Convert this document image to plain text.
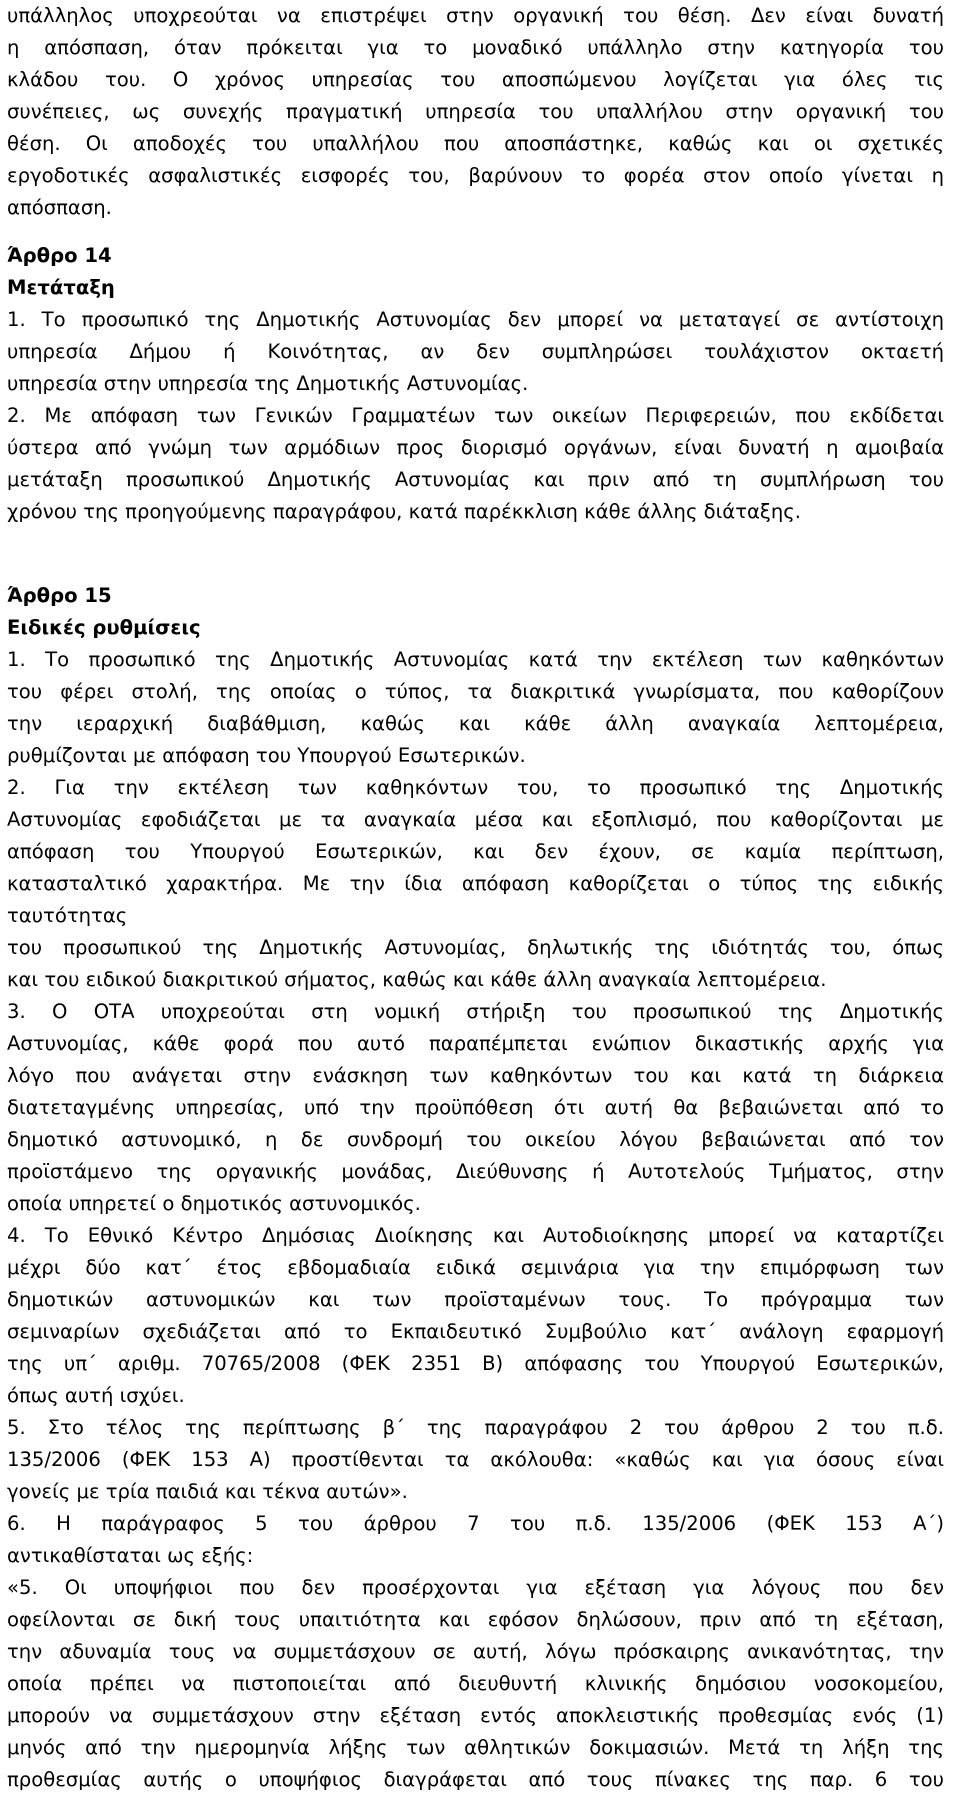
υπάλληλος υποχρεούται να επιστρέψει στην οργανική του θέση. Δεν είναι δυνατή
η απόσπαση, όταν πρόκειται για το μοναδικό υπάλληλο στην κατηγορία του
κλάδου του. Ο χρόνος υπηρεσίας του αποσπώμενου λογίζεται για όλες τις
συνέπειες, ως συνεχής πραγματική υπηρεσία του υπαλλήλου στην οργανική του
θέση. Οι αποδοχές του υπαλλήλου που αποσπάστηκε, καθώς και οι σχετικές
εργοδοτικές ασφαλιστικές εισφορές του, βαρύνουν το φορέα στον οποίο γίνεται η
απόσπαση.
Άρθρο 14
Μετάταξη
1. Το προσωπικό της Δημοτικής Αστυνομίας δεν μπορεί να μεταταγεί σε αντίστοιχη
υπηρεσία Δήμου ή Κοινότητας, αν δεν συμπληρώσει τουλάχιστον οκταετή
υπηρεσία στην υπηρεσία της Δημοτικής Αστυνομίας.
2. Με απόφαση των Γενικών Γραμματέων των οικείων Περιφερειών, που εκδίδεται
ύστερα από γνώμη των αρμόδιων προς διορισμό οργάνων, είναι δυνατή η αμοιβαία
μετάταξη προσωπικού Δημοτικής Αστυνομίας και πριν από τη συμπλήρωση του
χρόνου της προηγούμενης παραγράφου, κατά παρέκκλιση κάθε άλλης διάταξης.
Άρθρο 15
Ειδικές ρυθμίσεις
1. Το προσωπικό της Δημοτικής Αστυνομίας κατά την εκτέλεση των καθηκόντων
του φέρει στολή, της οποίας ο τύπος, τα διακριτικά γνωρίσματα, που καθορίζουν
την ιεραρχική διαβάθμιση, καθώς και κάθε άλλη αναγκαία λεπτομέρεια,
ρυθμίζονται με απόφαση του Υπουργού Εσωτερικών.
2. Για την εκτέλεση των καθηκόντων του, το προσωπικό της Δημοτικής
Αστυνομίας εφοδιάζεται με τα αναγκαία μέσα και εξοπλισμό, που καθορίζονται με
απόφαση του Υπουργού Εσωτερικών, και δεν έχουν, σε καμία περίπτωση,
κατασταλτικό χαρακτήρα. Με την ίδια απόφαση καθορίζεται ο τύπος της ειδικής
ταυτότητας
του προσωπικού της Δημοτικής Αστυνομίας, δηλωτικής της ιδιότητάς του, όπως
και του ειδικού διακριτικού σήματος, καθώς και κάθε άλλη αναγκαία λεπτομέρεια.
3. Ο ΟΤΑ υποχρεούται στη νομική στήριξη του προσωπικού της Δημοτικής
Αστυνομίας, κάθε φορά που αυτό παραπέμπεται ενώπιον δικαστικής αρχής για
λόγο που ανάγεται στην ενάσκηση των καθηκόντων του και κατά τη διάρκεια
διατεταγμένης υπηρεσίας, υπό την προϋπόθεση ότι αυτή θα βεβαιώνεται από το
δημοτικό αστυνομικό, η δε συνδρομή του οικείου λόγου βεβαιώνεται από τον
προϊστάμενο της οργανικής μονάδας, Διεύθυνσης ή Αυτοτελούς Τμήματος, στην
οποία υπηρετεί ο δημοτικός αστυνομικός.
4. Το Εθνικό Κέντρο Δημόσιας Διοίκησης και Αυτοδιοίκησης μπορεί να καταρτίζει
μέχρι δύο κατ΄ έτος εβδομαδιαία ειδικά σεμινάρια για την επιμόρφωση των
δημοτικών αστυνομικών και των προϊσταμένων τους. Το πρόγραμμα των
σεμιναρίων σχεδιάζεται από το Εκπαιδευτικό Συμβούλιο κατ΄ ανάλογη εφαρμογή
της υπ΄ αριθμ. 70765/2008 (ΦΕΚ 2351 Β) απόφασης του Υπουργού Εσωτερικών,
όπως αυτή ισχύει.
5. Στο τέλος της περίπτωσης β΄ της παραγράφου 2 του άρθρου 2 του π.δ.
135/2006 (ΦΕΚ 153 Α) προστίθενται τα ακόλουθα: «καθώς και για όσους είναι
γονείς με τρία παιδιά και τέκνα αυτών».
6. Η παράγραφος 5 του άρθρου 7 του π.δ. 135/2006 (ΦΕΚ 153 Α΄)
αντικαθίσταται ως εξής:
«5. Οι υποψήφιοι που δεν προσέρχονται για εξέταση για λόγους που δεν
οφείλονται σε δική τους υπαιτιότητα και εφόσον δηλώσουν, πριν από τη εξέταση,
την αδυναμία τους να συμμετάσχουν σε αυτή, λόγω πρόσκαιρης ανικανότητας, την
οποία πρέπει να πιστοποιείται από διευθυντή κλινικής δημόσιου νοσοκομείου,
μπορούν να συμμετάσχουν στην εξέταση εντός αποκλειστικής προθεσμίας ενός (1)
μηνός από την ημερομηνία λήξης των αθλητικών δοκιμασιών. Μετά τη λήξη της
προθεσμίας αυτής ο υποψήφιος διαγράφεται από τους πίνακες της παρ. 6 του
